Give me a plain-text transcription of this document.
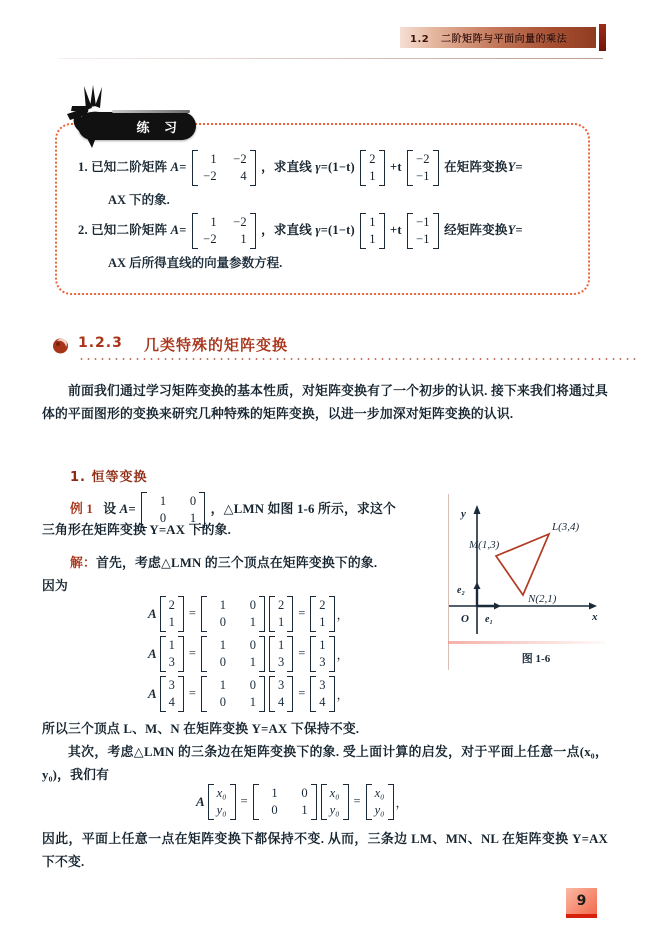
1.2 二阶矩阵与平面向量的乘法
练 习
1. 已知二阶矩阵 A=
1 −2
−2	4
，求直线 γ=(1−t)
2
1
+t
−2
−1
在矩阵变换Y=
AX 下的象.
2. 已知二阶矩阵 A=
1 −2
−2	1
，求直线 γ=(1−t)
1
1
+t
−1
−1
经矩阵变换Y=
AX 后所得直线的向量参数方程.
1.2.3 几类特殊的矩阵变换
前面我们通过学习矩阵变换的基本性质，对矩阵变换有了一个初步的认识. 接下来我们将通过具体的平面图形的变换来研究几种特殊的矩阵变换，以进一步加深对矩阵变换的认识.
1. 恒等变换
例 1 设 A=
1	0
0	1
，△LMN 如图 1-6 所示，求这个
三角形在矩阵变换 Y=AX 下的象.
解：首先，考虑△LMN 的三个顶点在矩阵变换下的象.
因为
A
2
1
=
1	0
0	1
2
1
=
2
1 ，
A
1
3
=
1	0
0	1
1
3
=
1
3 ，
A
3
4
=
1	0
0	1
3
4
=
3
4 ，
所以三个顶点 L、M、N 在矩阵变换 Y=AX 下保持不变.
其次，考虑△LMN 的三条边在矩阵变换下的象. 受上面计算的启发，对于平面上任意一点(x₀，y₀)，我们有
A
x₀
y₀
=
1	0
0	1
x₀
y₀
=
x₀
y₀ ，
因此，平面上任意一点在矩阵变换下都保持不变. 从而，三条边 LM、MN、NL 在矩阵变换 Y=AX 下不变.
y
x
O e₁
e₂
L(3,4)
M(1,3)
N(2,1)
图 1-6
9
